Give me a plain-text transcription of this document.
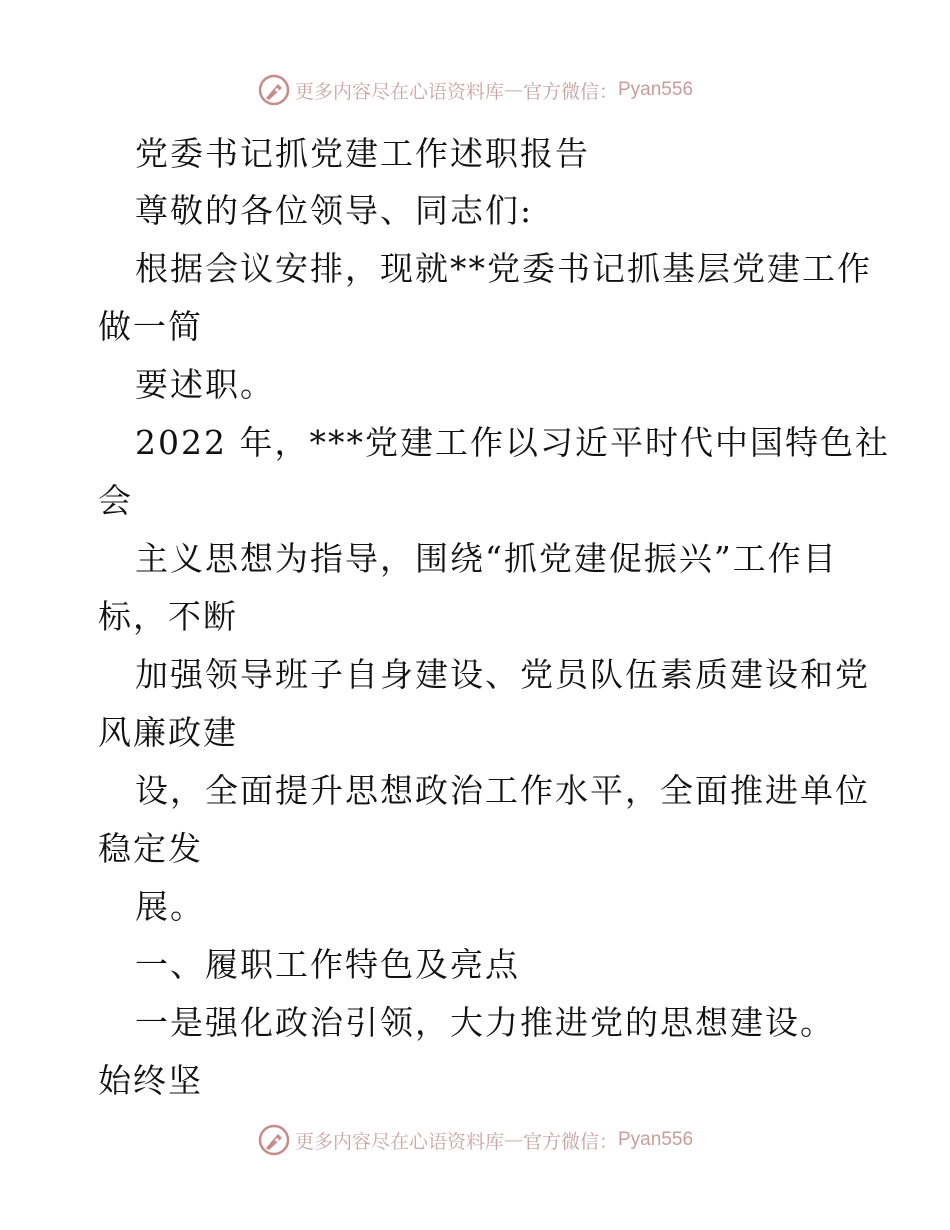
更多内容尽在心语资料库 — 官方微信： Pyan556
党委书记抓党建工作述职报告
尊敬的各位领导、同志们:
根据会议安排，现就**党委书记抓基层党建工作
做一简
要述职。
2022 年，***党建工作以习近平时代中国特色社
会
主义思想为指导，围绕“抓党建促振兴”工作目
标，不断
加强领导班子自身建设、党员队伍素质建设和党
风廉政建
设，全面提升思想政治工作水平，全面推进单位
稳定发
展。
一、履职工作特色及亮点
一是强化政治引领，大力推进党的思想建设。
始终坚
更多内容尽在心语资料库 — 官方微信： Pyan556
